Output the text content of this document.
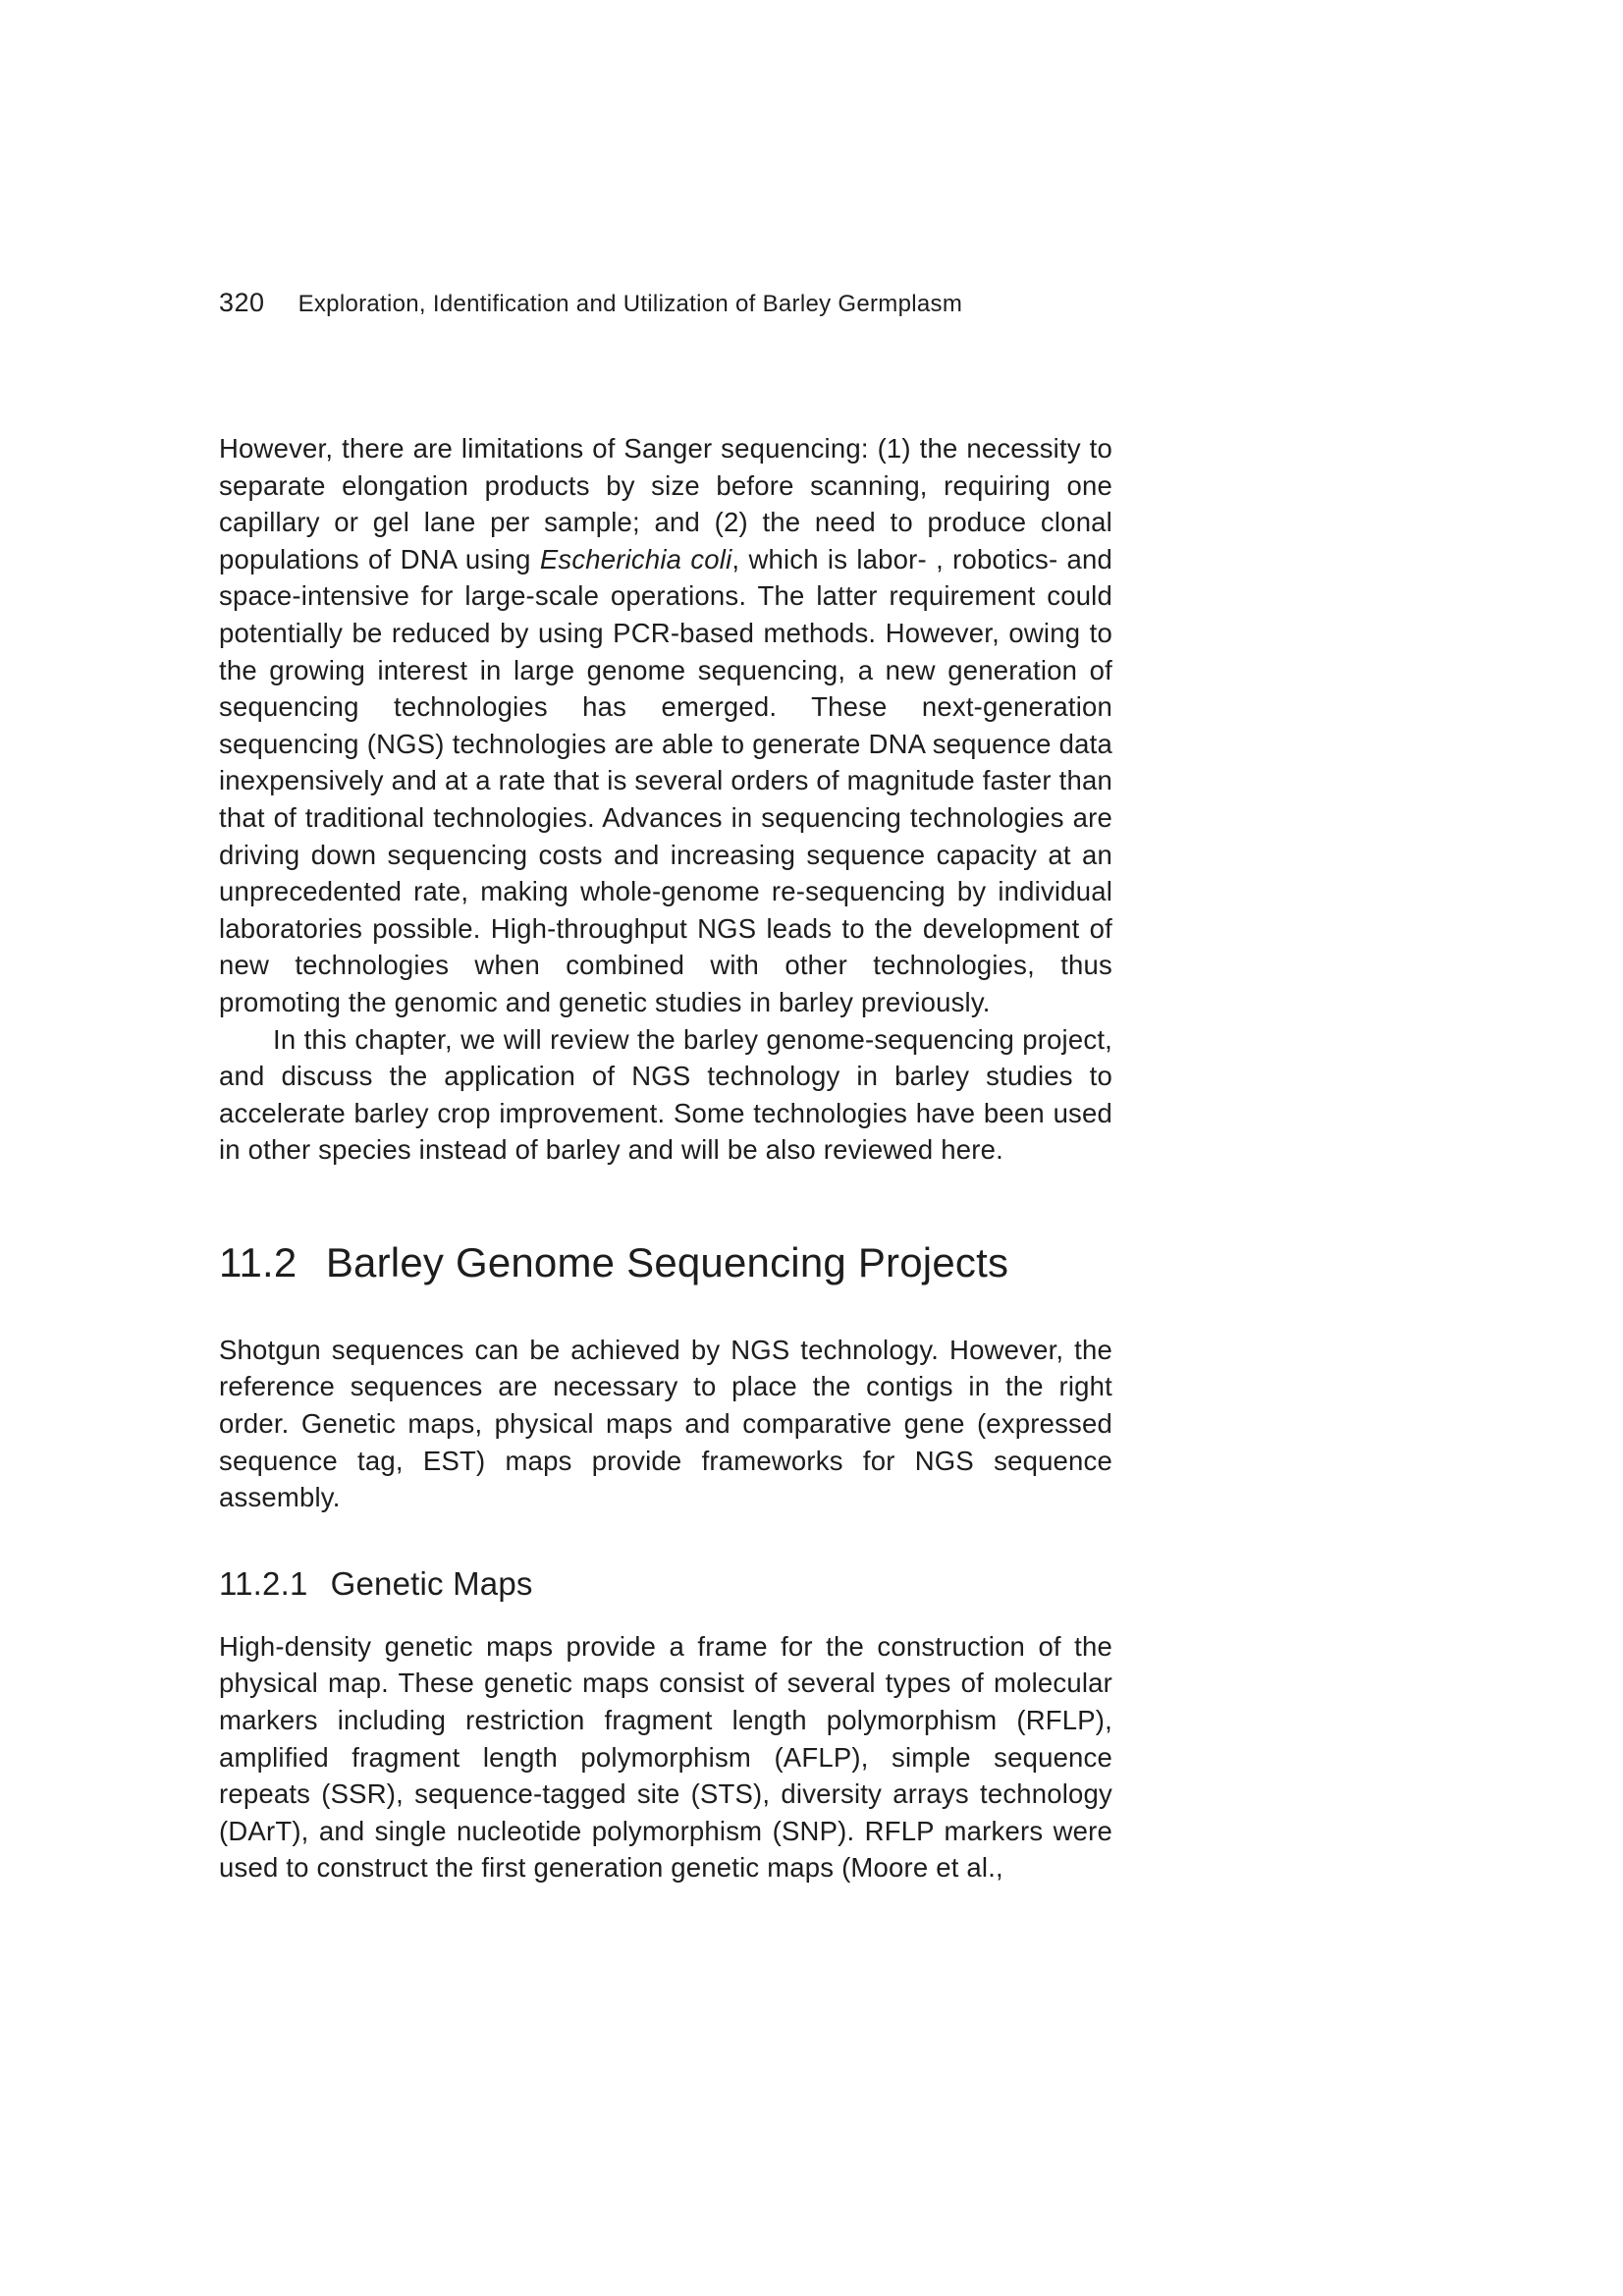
320 Exploration, Identification and Utilization of Barley Germplasm

However, there are limitations of Sanger sequencing: (1) the necessity to separate elongation products by size before scanning, requiring one capillary or gel lane per sample; and (2) the need to produce clonal populations of DNA using Escherichia coli, which is labor- , robotics- and space-intensive for large-scale operations. The latter requirement could potentially be reduced by using PCR-based methods. However, owing to the growing interest in large genome sequencing, a new generation of sequencing technologies has emerged. These next-generation sequencing (NGS) technologies are able to generate DNA sequence data inexpensively and at a rate that is several orders of magnitude faster than that of traditional technologies. Advances in sequencing technologies are driving down sequencing costs and increasing sequence capacity at an unprecedented rate, making whole-genome re-sequencing by individual laboratories possible. High-throughput NGS leads to the development of new technologies when combined with other technologies, thus promoting the genomic and genetic studies in barley previously.

In this chapter, we will review the barley genome-sequencing project, and discuss the application of NGS technology in barley studies to accelerate barley crop improvement. Some technologies have been used in other species instead of barley and will be also reviewed here.

11.2 Barley Genome Sequencing Projects

Shotgun sequences can be achieved by NGS technology. However, the reference sequences are necessary to place the contigs in the right order. Genetic maps, physical maps and comparative gene (expressed sequence tag, EST) maps provide frameworks for NGS sequence assembly.

11.2.1 Genetic Maps

High-density genetic maps provide a frame for the construction of the physical map. These genetic maps consist of several types of molecular markers including restriction fragment length polymorphism (RFLP), amplified fragment length polymorphism (AFLP), simple sequence repeats (SSR), sequence-tagged site (STS), diversity arrays technology (DArT), and single nucleotide polymorphism (SNP). RFLP markers were used to construct the first generation genetic maps (Moore et al.,
